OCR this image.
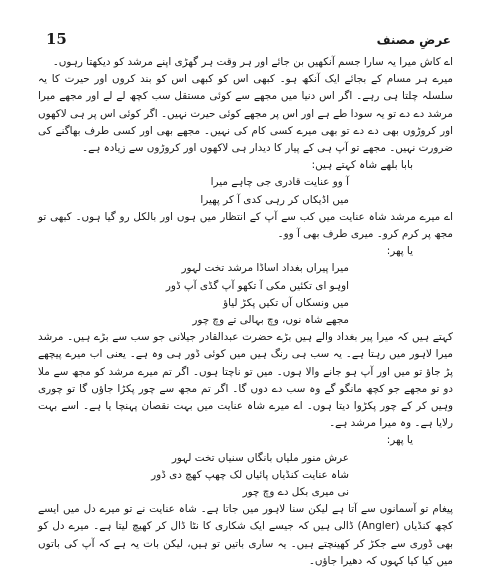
15	عرضِ مصنف

اے کاش میرا یہ سارا جسم آنکھیں بن جائے اور ہر وقت ہر گھڑی اپنے مرشد کو دیکھتا رہوں۔

میرے ہر مسام کے بجائے ایک آنکھ ہو۔ کبھی اس کو کبھی اس کو بند کروں اور حیرت کا یہ سلسلہ چلتا ہی رہے۔ اگر اس دنیا میں مجھے سے کوئی مستقل سب کچھ لے لے اور مجھے میرا مرشد دے دے تو یہ سودا طے ہے اور اس پر مجھے کوئی حیرت نہیں۔ اگر کوئی اس پر ہی لاکھوں اور کروڑوں بھی دے دے تو بھی میرے کسی کام کی نہیں۔ مجھے بھی اور کسی طرف بھاگنے کی ضرورت نہیں۔ مجھے تو آپ ہی کے پیار کا دیدار ہی لاکھوں اور کروڑوں سے زیادہ ہے۔

بابا بلھے شاہ کہتے ہیں:

آ وو عنایت قادری جی چاہے میرا

میں اڈیکاں کر رہی کدی آ کر پھیرا

اے میرے مرشد شاہ عنایت میں کب سے آپ کے انتظار میں ہوں اور بالکل رو گیا ہوں۔ کبھی تو مجھ پر کرم کرو۔ میری طرف بھی آ وو۔

یا پھر:

میرا پیراں بغداد اساڈا مرشد تخت لہور

اوہو ای تکئیں مکی آ تکھو آپ گڈی آپ ڈور

میں ونسکاں آں تکیں پکڑ لیاؤ

مجھے شاہ نوں، وچ بہالی تے وچ چور

کہتے ہیں کہ میرا پیر بغداد والے ہیں بڑے حضرت عبدالقادر جیلانی جو سب سے بڑے ہیں۔ مرشد میرا لاہور میں رہتا ہے۔ یہ سب ہی رنگ ہیں میں کوئی ڈور ہی وہ ہے۔ یعنی اب میرے پیچھے پڑ جاؤ تو میں اور آپ ہو جانے والا ہوں۔ میں تو ناچتا ہوں۔ اگر تم میرے مرشد کو مجھ سے ملا دو تو مجھے جو کچھ مانگو گے وہ سب دے دوں گا۔ اگر تم مجھ سے چور پکڑا جاؤں گا تو چوری وہیں کر کے چور پکڑوا دیتا ہوں۔ اے میرے شاہ عنایت میں بہت نقصان پہنچا یا ہے۔ اسے بہت رلایا ہے۔ وہ میرا مرشد ہے۔

یا پھر:

عرش منور ملیاں بانگاں سنیاں تخت لہور

شاہ عنایت کنڈیاں پائیاں لک چھپ کھچ دی ڈور

نی میری بکل دے وچ چور

پیغام تو آسمانوں سے آتا ہے لیکن سنا لاہور میں جاتا ہے۔ شاہ عنایت نے تو میرے دل میں ایسے کچھ کنڈیاں (Angler) ڈالی ہیں کہ جیسے ایک شکاری کا نٹا ڈال کر کھیچ لیتا ہے۔ میرے دل کو بھی ڈوری سے جکڑ کر کھینچتے ہیں۔ یہ ساری باتیں تو ہیں، لیکن بات یہ ہے کہ آپ کی باتوں میں کیا کیا کہوں کہ دھیرا جاؤں۔
